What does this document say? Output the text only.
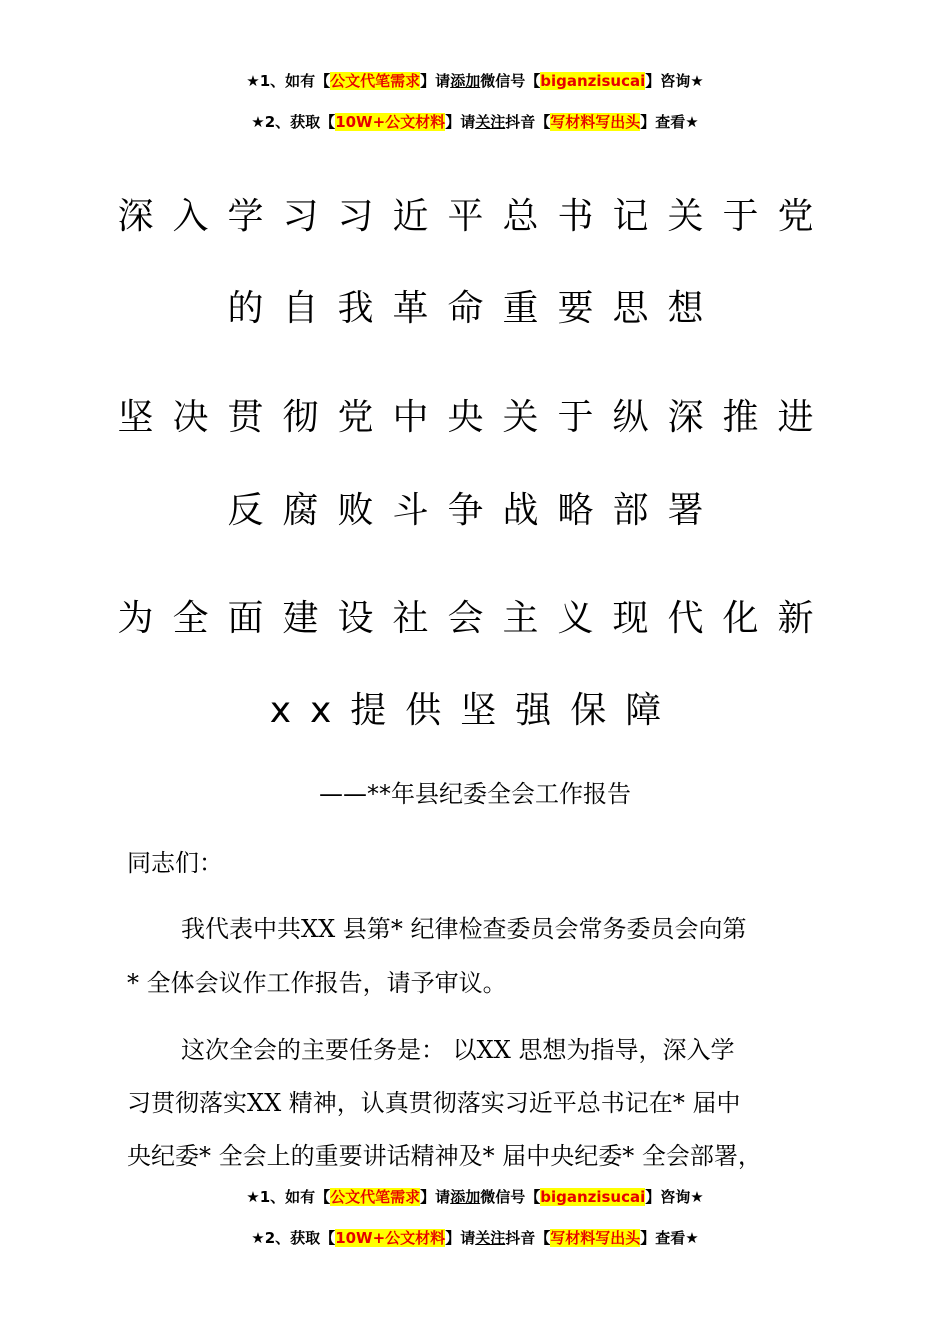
★1、如有【公文代笔需求】请添加微信号【biganzisucai】咨询★
★2、获取【10W+公文材料】请关注抖音【写材料写出头】查看★
深入学习习近平总书记关于党
的自我革命重要思想
坚决贯彻党中央关于纵深推进
反腐败斗争战略部署
为全面建设社会主义现代化新
xx提供坚强保障
——**年县纪委全会工作报告
同志们：
我代表中共XX 县第* 纪律检查委员会常务委员会向第
* 全体会议作工作报告，请予审议。
这次全会的主要任务是： 以XX 思想为指导，深入学
习贯彻落实XX 精神，认真贯彻落实习近平总书记在* 届中
央纪委* 全会上的重要讲话精神及* 届中央纪委* 全会部署，
★1、如有【公文代笔需求】请添加微信号【biganzisucai】咨询★
★2、获取【10W+公文材料】请关注抖音【写材料写出头】查看★
